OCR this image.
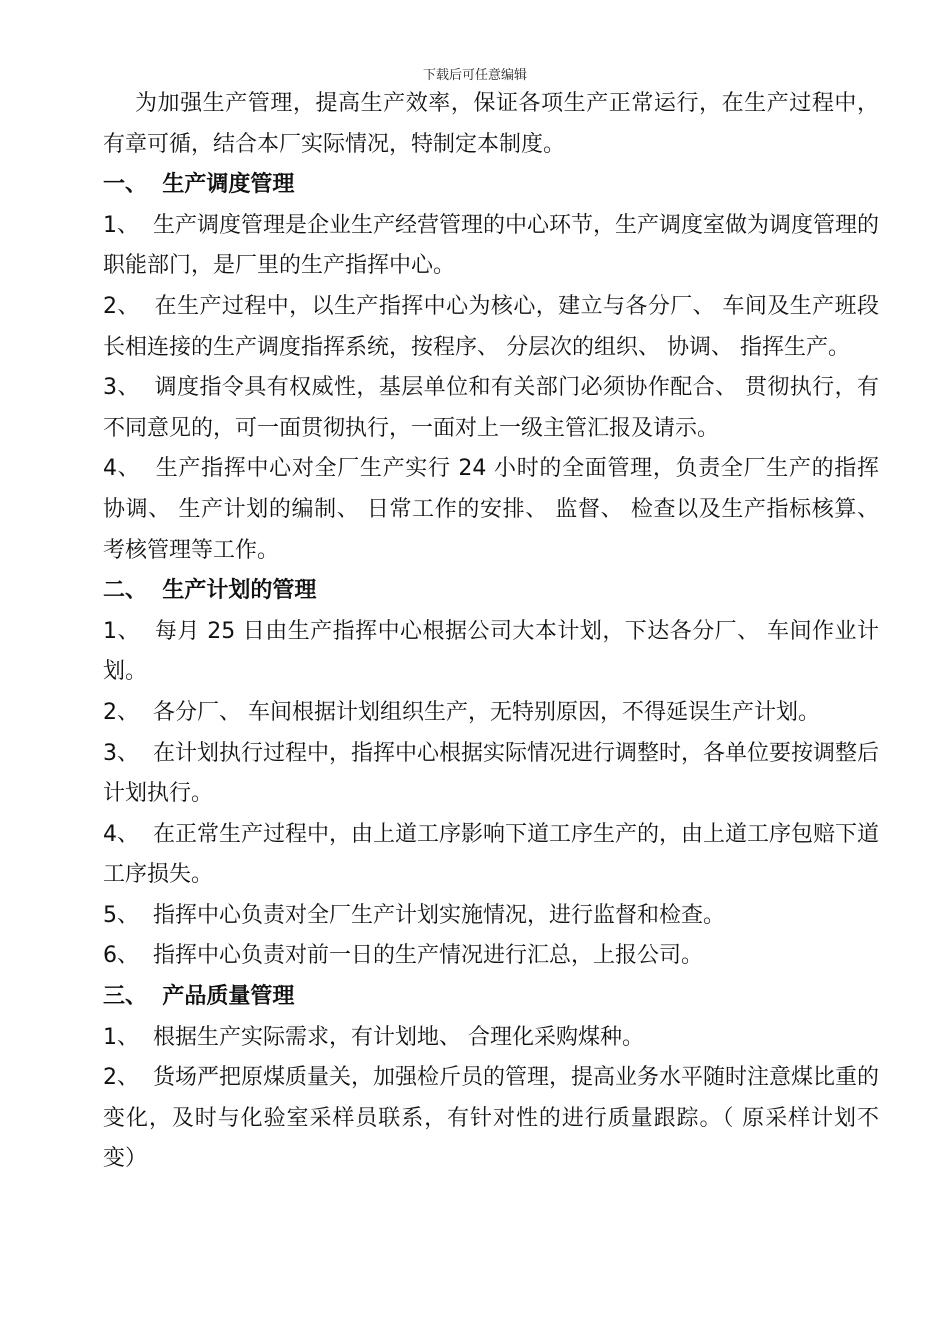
下载后可任意编辑

为加强生产管理，提高生产效率，保证各项生产正常运行，在生产过程中， 有章可循，结合本厂实际情况，特制定本制度。

一、  生产调度管理

1、  生产调度管理是企业生产经营管理的中心环节，生产调度室做为调度管理的职能部门，是厂里的生产指挥中心。

2、  在生产过程中，以生产指挥中心为核心，建立与各分厂、 车间及生产班段长相连接的生产调度指挥系统，按程序、 分层次的组织、 协调、 指挥生产。

3、  调度指令具有权威性，基层单位和有关部门必须协作配合、 贯彻执行，有不同意见的，可一面贯彻执行，一面对上一级主管汇报及请示。

4、  生产指挥中心对全厂生产实行 24 小时的全面管理，负责全厂生产的指挥 协调、 生产计划的编制、 日常工作的安排、 监督、 检查以及生产指标核算、 考核管理等工作。

二、  生产计划的管理

1、  每月 25 日由生产指挥中心根据公司大本计划，下达各分厂、 车间作业计划。

2、  各分厂、 车间根据计划组织生产，无特别原因，不得延误生产计划。

3、  在计划执行过程中，指挥中心根据实际情况进行调整时，各单位要按调整后计划执行。

4、  在正常生产过程中，由上道工序影响下道工序生产的，由上道工序包赔下道工序损失。

5、  指挥中心负责对全厂生产计划实施情况，进行监督和检查。

6、  指挥中心负责对前一日的生产情况进行汇总，上报公司。

三、  产品质量管理

1、  根据生产实际需求，有计划地、 合理化采购煤种。

2、  货场严把原煤质量关，加强检斤员的管理，提高业务水平随时注意煤比重的变化，及时与化验室采样员联系，有针对性的进行质量跟踪。（ 原采样计划不变）
